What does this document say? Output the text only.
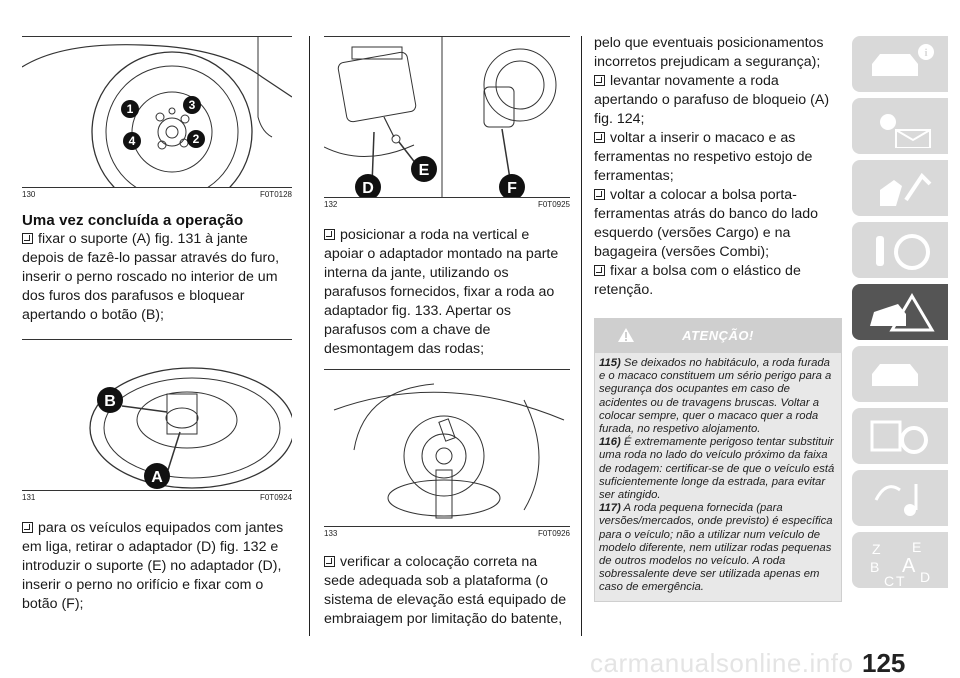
1	3
4	2
130	F0T0128
Uma vez concluída a operação

fixar o suporte (A) fig. 131 à jante depois de fazê-lo passar através do furo, inserir o perno roscado no interior de um dos furos dos parafusos e bloquear apertando o botão (B);

B
A
131	F0T0924

para os veículos equipados com jantes em liga, retirar o adaptador (D) fig. 132 e introduzir o suporte (E) no adaptador (D), inserir o perno no orifício e fixar com o botão (F);

D
E
F
132	F0T0925

posicionar a roda na vertical e apoiar o adaptador montado na parte interna da jante, utilizando os parafusos fornecidos, fixar a roda ao adaptador fig. 133. Apertar os parafusos com a chave de desmontagem das rodas;

133	F0T0926

verificar a colocação correta na sede adequada sob a plataforma (o sistema de elevação está equipado de embraiagem por limitação do batente,

pelo que eventuais posicionamentos incorretos prejudicam a segurança);

levantar novamente a roda apertando o parafuso de bloqueio (A) fig. 124;

voltar a inserir o macaco e as ferramentas no respetivo estojo de ferramentas;

voltar a colocar a bolsa porta-ferramentas atrás do banco do lado esquerdo (versões Cargo) e na bagageira (versões Combi);

fixar a bolsa com o elástico de retenção.

ATENÇÃO!

115) Se deixados no habitáculo, a roda furada e o macaco constituem um sério perigo para a segurança dos ocupantes em caso de acidentes ou de travagens bruscas. Voltar a colocar sempre, quer o macaco quer a roda furada, no respetivo alojamento.

116) É extremamente perigoso tentar substituir uma roda no lado do veículo próximo da faixa de rodagem: certificar-se de que o veículo está suficientemente longe da estrada, para evitar ser atingido.

117) A roda pequena fornecida (para versões/mercados, onde previsto) é específica para o veículo; não a utilizar num veículo de modelo diferente, nem utilizar rodas pequenas de outros modelos no veículo. A roda sobressalente deve ser utilizada apenas em caso de emergência.

i
Z E
B A
C T D
carmanualsonline.info 125
